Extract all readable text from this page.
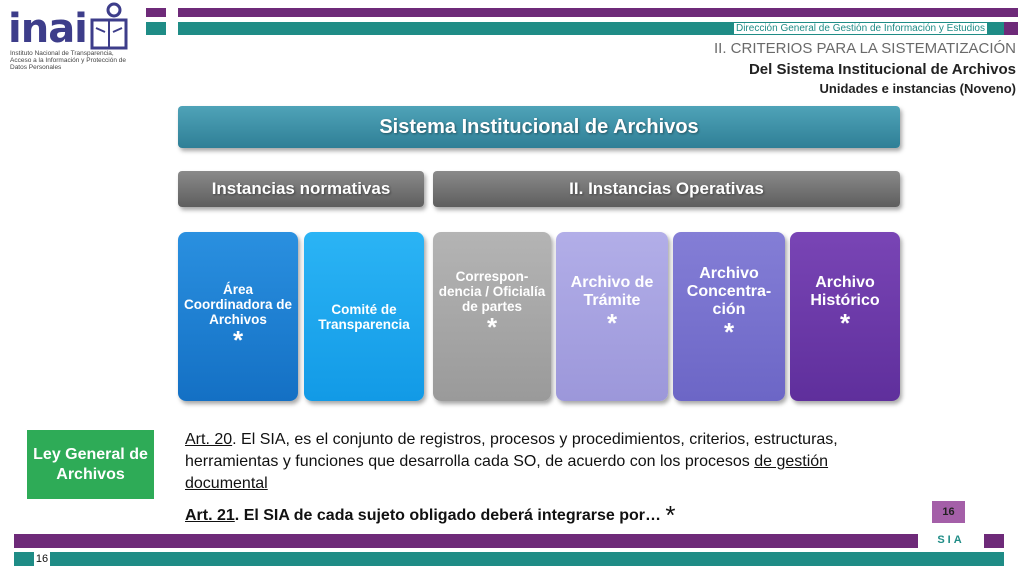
inai
Instituto Nacional de Transparencia, Acceso a la Información y Protección de Datos Personales
Dirección General de Gestión de Información y Estudios
II. CRITERIOS PARA LA SISTEMATIZACIÓN
Del Sistema Institucional de Archivos
Unidades e instancias (Noveno)
Sistema Institucional de Archivos
Instancias normativas	II. Instancias Operativas
Área Coordinadora de Archivos
*
Comité de Transparencia
Correspon-dencia / Oficialía de partes
*
Archivo de Trámite
*
Archivo Concentra-ción
*
Archivo Histórico
*
Ley General de Archivos
Art. 20. El SIA, es el conjunto de registros, procesos y procedimientos, criterios, estructuras, herramientas y funciones que desarrolla cada SO, de acuerdo con los procesos de gestión documental
Art. 21. El SIA de cada sujeto obligado deberá integrarse por… *	16
SIA
16
